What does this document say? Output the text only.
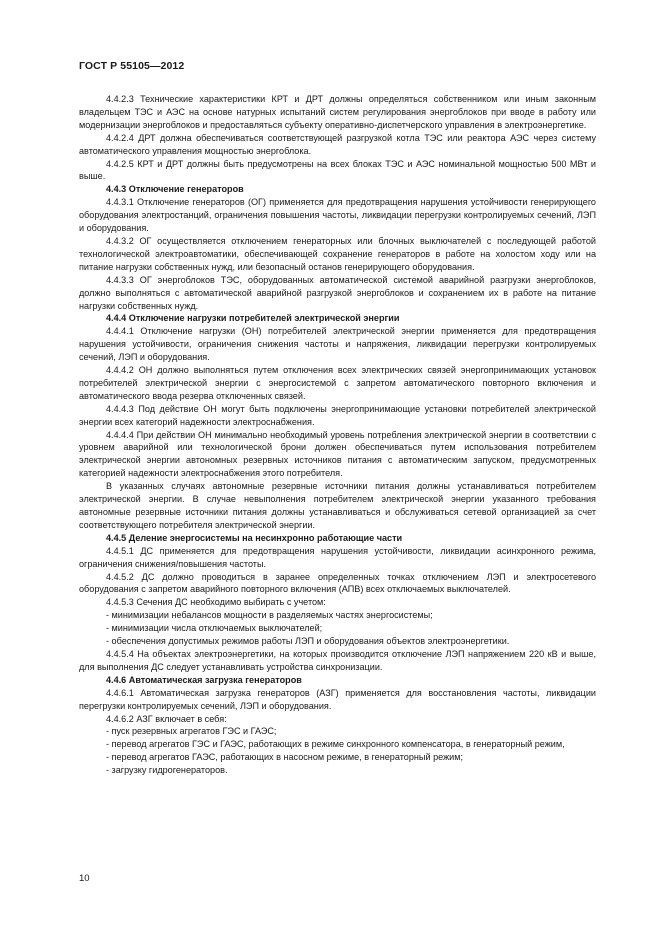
ГОСТ Р 55105—2012

4.4.2.3 Технические характеристики КРТ и ДРТ должны определяться собственником или иным законным владельцем ТЭС и АЭС на основе натурных испытаний систем регулирования энергоблоков при вводе в работу или модернизации энергоблоков и предоставляться субъекту оперативно-диспетчерского управления в электроэнергетике.

4.4.2.4 ДРТ должна обеспечиваться соответствующей разгрузкой котла ТЭС или реактора АЭС через систему автоматического управления мощностью энергоблока.

4.4.2.5 КРТ и ДРТ должны быть предусмотрены на всех блоках ТЭС и АЭС номинальной мощностью 500 МВт и выше.

4.4.3 Отключение генераторов

4.4.3.1 Отключение генераторов (ОГ) применяется для предотвращения нарушения устойчивости генерирующего оборудования электростанций, ограничения повышения частоты, ликвидации перегрузки контролируемых сечений, ЛЭП и оборудования.

4.4.3.2 ОГ осуществляется отключением генераторных или блочных выключателей с последующей работой технологической электроавтоматики, обеспечивающей сохранение генераторов в работе на холостом ходу или на питание нагрузки собственных нужд, или безопасный останов генерирующего оборудования.

4.4.3.3 ОГ энергоблоков ТЭС, оборудованных автоматической системой аварийной разгрузки энергоблоков, должно выполняться с автоматической аварийной разгрузкой энергоблоков и сохранением их в работе на питание нагрузки собственных нужд.

4.4.4 Отключение нагрузки потребителей электрической энергии

4.4.4.1 Отключение нагрузки (ОН) потребителей электрической энергии применяется для предотвращения нарушения устойчивости, ограничения снижения частоты и напряжения, ликвидации перегрузки контролируемых сечений, ЛЭП и оборудования.

4.4.4.2 ОН должно выполняться путем отключения всех электрических связей энергопринимающих установок потребителей электрической энергии с энергосистемой с запретом автоматического повторного включения и автоматического ввода резерва отключенных связей.

4.4.4.3 Под действие ОН могут быть подключены энергопринимающие установки потребителей электрической энергии всех категорий надежности электроснабжения.

4.4.4.4 При действии ОН минимально необходимый уровень потребления электрической энергии в соответствии с уровнем аварийной или технологической брони должен обеспечиваться путем использования потребителем электрической энергии автономных резервных источников питания с автоматическим запуском, предусмотренных категорией надежности электроснабжения этого потребителя.

В указанных случаях автономные резервные источники питания должны устанавливаться потребителем электрической энергии. В случае невыполнения потребителем электрической энергии указанного требования автономные резервные источники питания должны устанавливаться и обслуживаться сетевой организацией за счет соответствующего потребителя электрической энергии.

4.4.5 Деление энергосистемы на несинхронно работающие части

4.4.5.1 ДС применяется для предотвращения нарушения устойчивости, ликвидации асинхронного режима, ограничения снижения/повышения частоты.

4.4.5.2 ДС должно проводиться в заранее определенных точках отключением ЛЭП и электросетевого оборудования с запретом аварийного повторного включения (АПВ) всех отключаемых выключателей.

4.4.5.3 Сечения ДС необходимо выбирать с учетом:

- минимизации небалансов мощности в разделяемых частях энергосистемы;

- минимизации числа отключаемых выключателей;

- обеспечения допустимых режимов работы ЛЭП и оборудования объектов электроэнергетики.

4.4.5.4 На объектах электроэнергетики, на которых производится отключение ЛЭП напряжением 220 кВ и выше, для выполнения ДС следует устанавливать устройства синхронизации.

4.4.6 Автоматическая загрузка генераторов

4.4.6.1 Автоматическая загрузка генераторов (АЗГ) применяется для восстановления частоты, ликвидации перегрузки контролируемых сечений, ЛЭП и оборудования.

4.4.6.2 АЗГ включает в себя:

- пуск резервных агрегатов ГЭС и ГАЭС;

- перевод агрегатов ГЭС и ГАЭС, работающих в режиме синхронного компенсатора, в генераторный режим,

- перевод агрегатов ГАЭС, работающих в насосном режиме, в генераторный режим;

- загрузку гидрогенераторов.

10
